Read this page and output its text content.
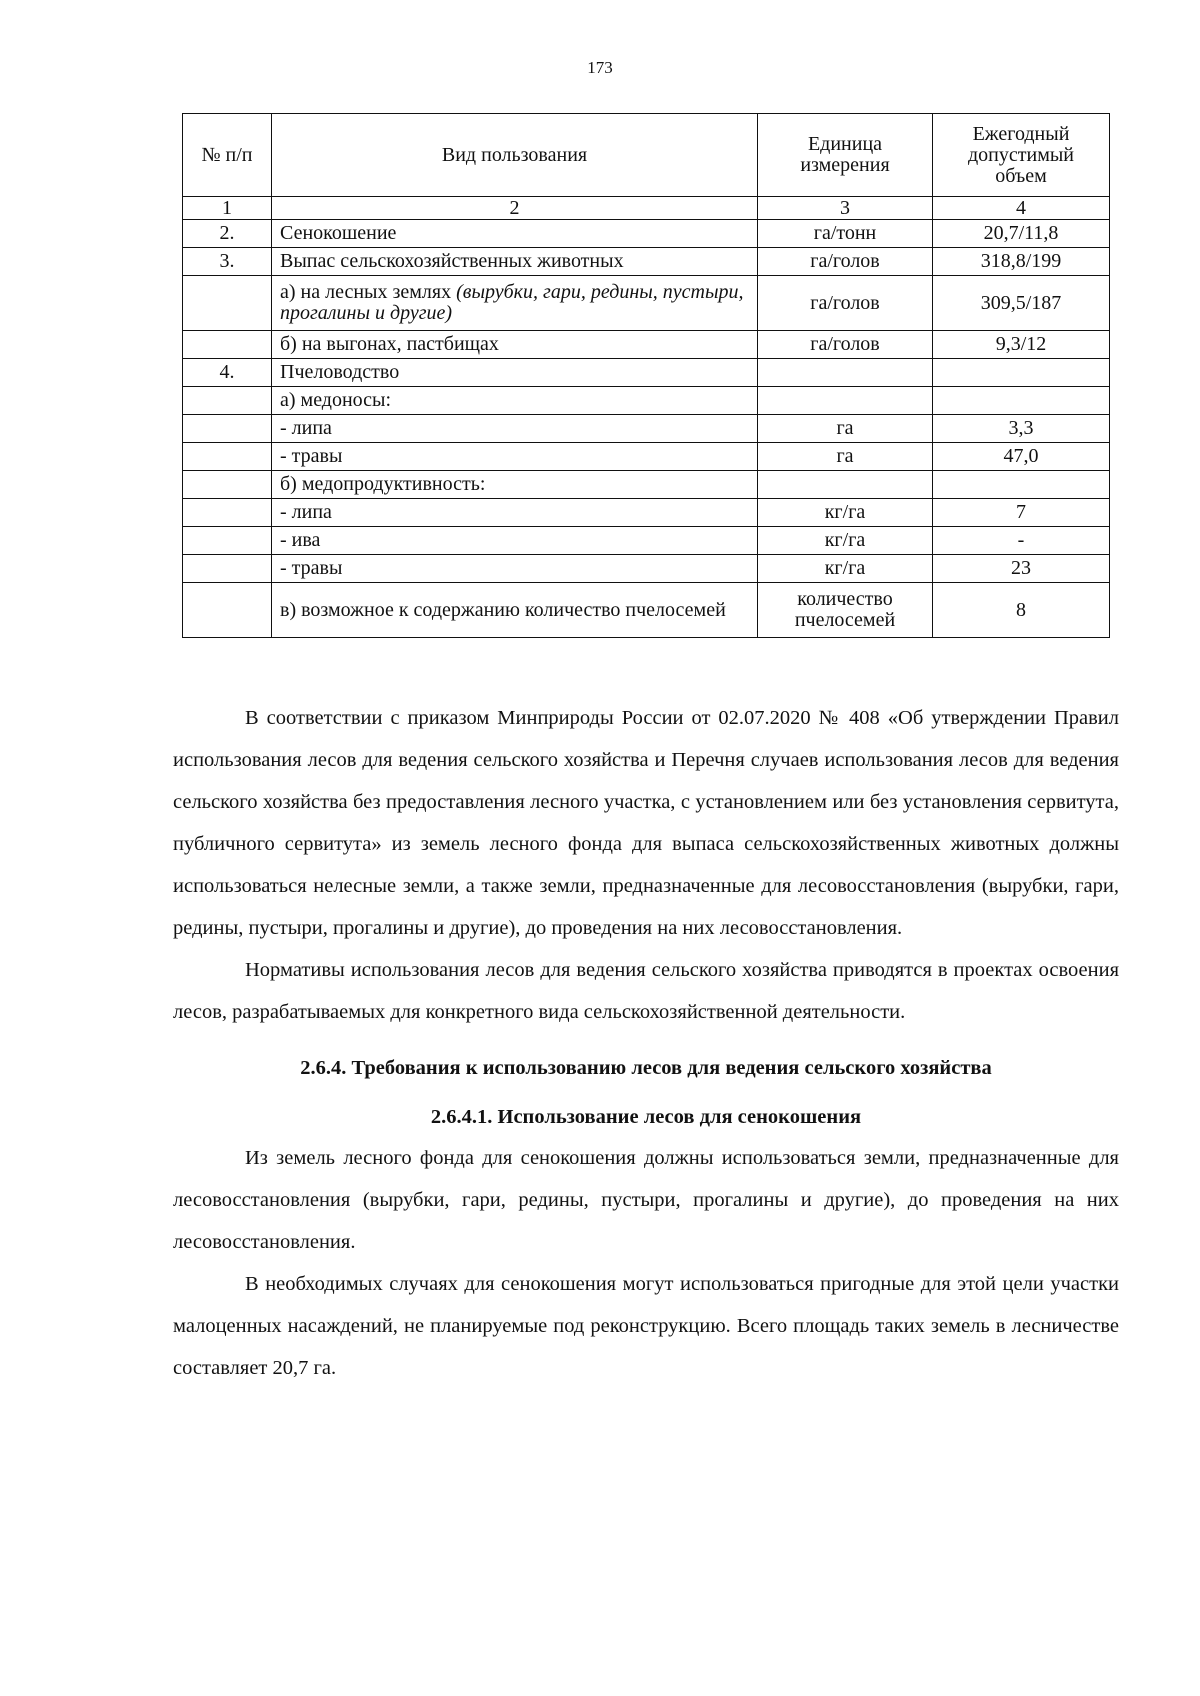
173
№ п/п	Вид пользования	Единица измерения	Ежегодный допустимый объем
1	2	3	4
2.	Сенокошение	га/тонн	20,7/11,8
3.	Выпас сельскохозяйственных животных	га/голов	318,8/199
	а) на лесных землях (вырубки, гари, редины, пустыри, прогалины и другие)	га/голов	309,5/187
	б) на выгонах, пастбищах	га/голов	9,3/12
4.	Пчеловодство		
	а) медоносы:		
	- липа	га	3,3
	- травы	га	47,0
	б) медопродуктивность:		
	- липа	кг/га	7
	- ива	кг/га	-
	- травы	кг/га	23
	в) возможное к содержанию количество пчелосемей	количество пчелосемей	8

В соответствии с приказом Минприроды России от 02.07.2020 № 408 «Об утверждении Правил использования лесов для ведения сельского хозяйства и Перечня случаев использования лесов для ведения сельского хозяйства без предоставления лесного участка, с установлением или без установления сервитута, публичного сервитута» из земель лесного фонда для выпаса сельскохозяйственных животных должны использоваться нелесные земли, а также земли, предназначенные для лесовосстановления (вырубки, гари, редины, пустыри, прогалины и другие), до проведения на них лесовосстановления.

Нормативы использования лесов для ведения сельского хозяйства приводятся в проектах освоения лесов, разрабатываемых для конкретного вида сельскохозяйственной деятельности.

2.6.4. Требования к использованию лесов для ведения сельского хозяйства
2.6.4.1. Использование лесов для сенокошения

Из земель лесного фонда для сенокошения должны использоваться земли, предназначенные для лесовосстановления (вырубки, гари, редины, пустыри, прогалины и другие), до проведения на них лесовосстановления.

В необходимых случаях для сенокошения могут использоваться пригодные для этой цели участки малоценных насаждений, не планируемые под реконструкцию. Всего площадь таких земель в лесничестве составляет 20,7 га.
